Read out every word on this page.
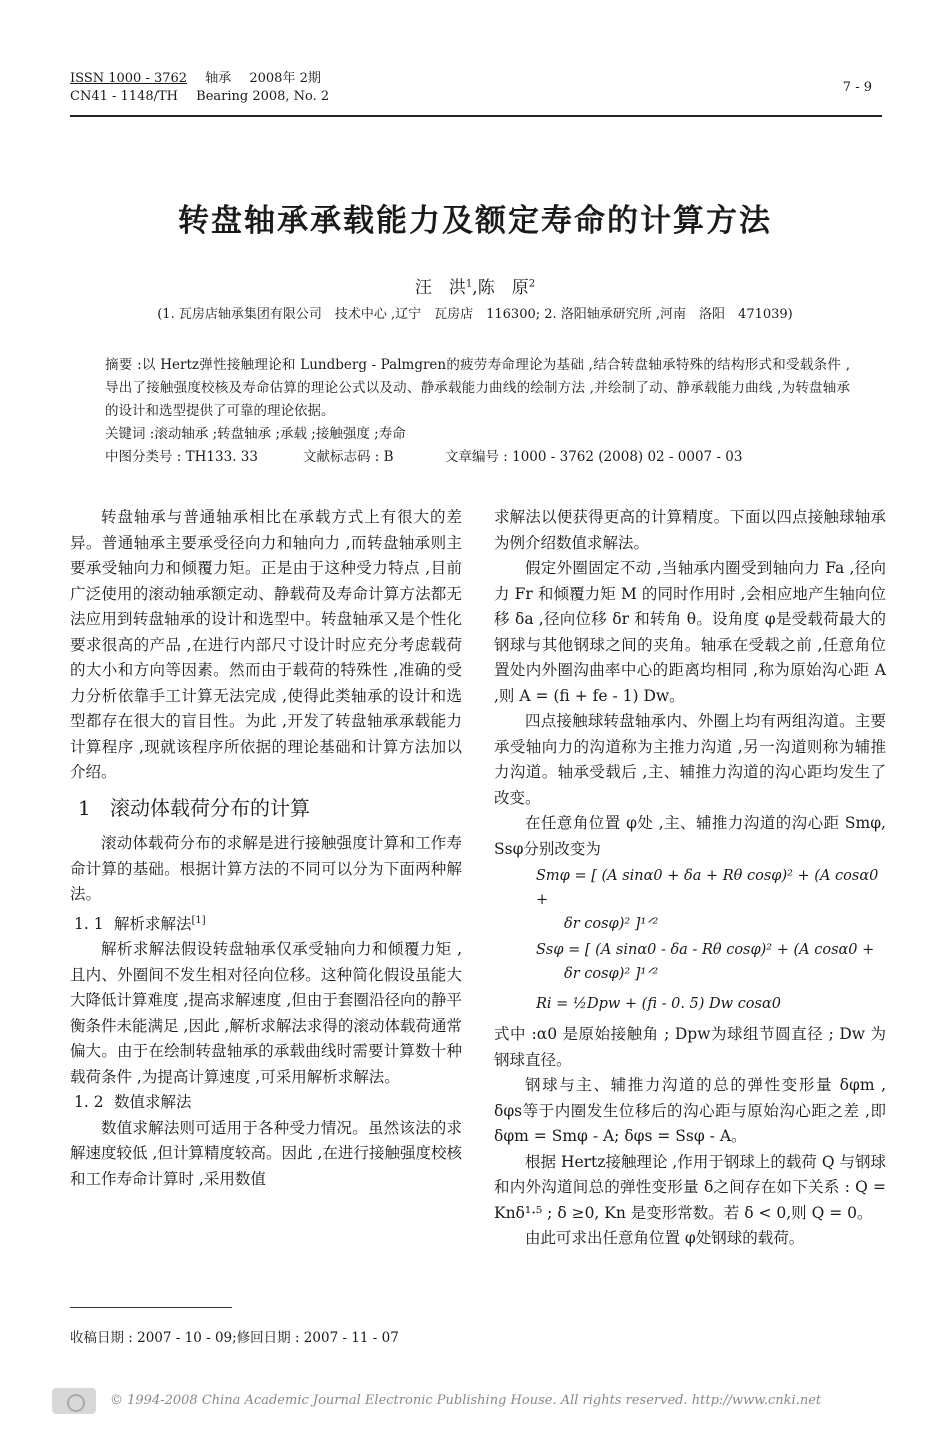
ISSN 1000 - 3762 轴承 2008年 2期
CN41 - 1148/TH Bearing 2008, No. 2
7 - 9
转盘轴承承载能力及额定寿命的计算方法
汪　洪$^1$,陈　原$^2$
(1. 瓦房店轴承集团有限公司　技术中心 ,辽宁　瓦房店　116300; 2. 洛阳轴承研究所 ,河南　洛阳　471039)

摘要 :以 Hertz弹性接触理论和 Lundberg - Palmgren的疲劳寿命理论为基础 ,结合转盘轴承特殊的结构形式和受载条件 ,导出了接触强度校核及寿命估算的理论公式以及动、静承载能力曲线的绘制方法 ,并绘制了动、静承载能力曲线 ,为转盘轴承的设计和选型提供了可靠的理论依据。

关键词 :滚动轴承 ;转盘轴承 ;承载 ;接触强度 ;寿命

中图分类号 : TH133. 33	文献标志码 : B	文章编号 : 1000 - 3762 (2008) 02 - 0007 - 03

转盘轴承与普通轴承相比在承载方式上有很大的差异。普通轴承主要承受径向力和轴向力 ,而转盘轴承则主要承受轴向力和倾覆力矩。正是由于这种受力特点 ,目前广泛使用的滚动轴承额定动、静载荷及寿命计算方法都无法应用到转盘轴承的设计和选型中。转盘轴承又是个性化要求很高的产品 ,在进行内部尺寸设计时应充分考虑载荷的大小和方向等因素。然而由于载荷的特殊性 ,准确的受力分析依靠手工计算无法完成 ,使得此类轴承的设计和选型都存在很大的盲目性。为此 ,开发了转盘轴承承载能力计算程序 ,现就该程序所依据的理论基础和计算方法加以介绍。

1 滚动体载荷分布的计算

滚动体载荷分布的求解是进行接触强度计算和工作寿命计算的基础。根据计算方法的不同可以分为下面两种解法。

1. 1 解析求解法[1]

解析求解法假设转盘轴承仅承受轴向力和倾覆力矩 ,且内、外圈间不发生相对径向位移。这种简化假设虽能大大降低计算难度 ,提高求解速度 ,但由于套圈沿径向的静平衡条件未能满足 ,因此 ,解析求解法求得的滚动体载荷通常偏大。由于在绘制转盘轴承的承载曲线时需要计算数十种载荷条件 ,为提高计算速度 ,可采用解析求解法。

1. 2 数值求解法

数值求解法则可适用于各种受力情况。虽然该法的求解速度较低 ,但计算精度较高。因此 ,在进行接触强度校核和工作寿命计算时 ,采用数值

收稿日期 : 2007 - 10 - 09;修回日期 : 2007 - 11 - 07

求解法以便获得更高的计算精度。下面以四点接触球轴承为例介绍数值求解法。

假定外圈固定不动 ,当轴承内圈受到轴向力 Fa ,径向力 Fr 和倾覆力矩 M 的同时作用时 ,会相应地产生轴向位移 δa ,径向位移 δr 和转角 θ。设角度 φ是受载荷最大的钢球与其他钢球之间的夹角。轴承在受载之前 ,任意角位置处内外圈沟曲率中心的距离均相同 ,称为原始沟心距 A ,则 A = (fi + fe - 1) Dw。

四点接触球转盘轴承内、外圈上均有两组沟道。主要承受轴向力的沟道称为主推力沟道 ,另一沟道则称为辅推力沟道。轴承受载后 ,主、辅推力沟道的沟心距均发生了改变。

在任意角位置 φ处 ,主、辅推力沟道的沟心距 Smφ, Ssφ分别改变为

Smφ = [ (A sinα0 + δa + Rθ cosφ)² + (A cosα0 +
δr cosφ)² ]¹ᐟ²
Ssφ = [ (A sinα0 - δa - Rθ cosφ)² + (A cosα0 +
δr cosφ)² ]¹ᐟ²
Ri = ½Dpw + (fi - 0. 5) Dw cosα0

式中 :α0 是原始接触角 ; Dpw为球组节圆直径 ; Dw 为钢球直径。

钢球与主、辅推力沟道的总的弹性变形量 δφm , δφs等于内圈发生位移后的沟心距与原始沟心距之差 ,即 δφm = Smφ - A; δφs = Ssφ - A。

根据 Hertz接触理论 ,作用于钢球上的载荷 Q 与钢球和内外沟道间总的弹性变形量 δ之间存在如下关系 : Q = Knδ¹·⁵ ; δ ≥0, Kn 是变形常数。若 δ < 0,则 Q = 0。

由此可求出任意角位置 φ处钢球的载荷。

© 1994-2008 China Academic Journal Electronic Publishing House. All rights reserved. http://www.cnki.net
